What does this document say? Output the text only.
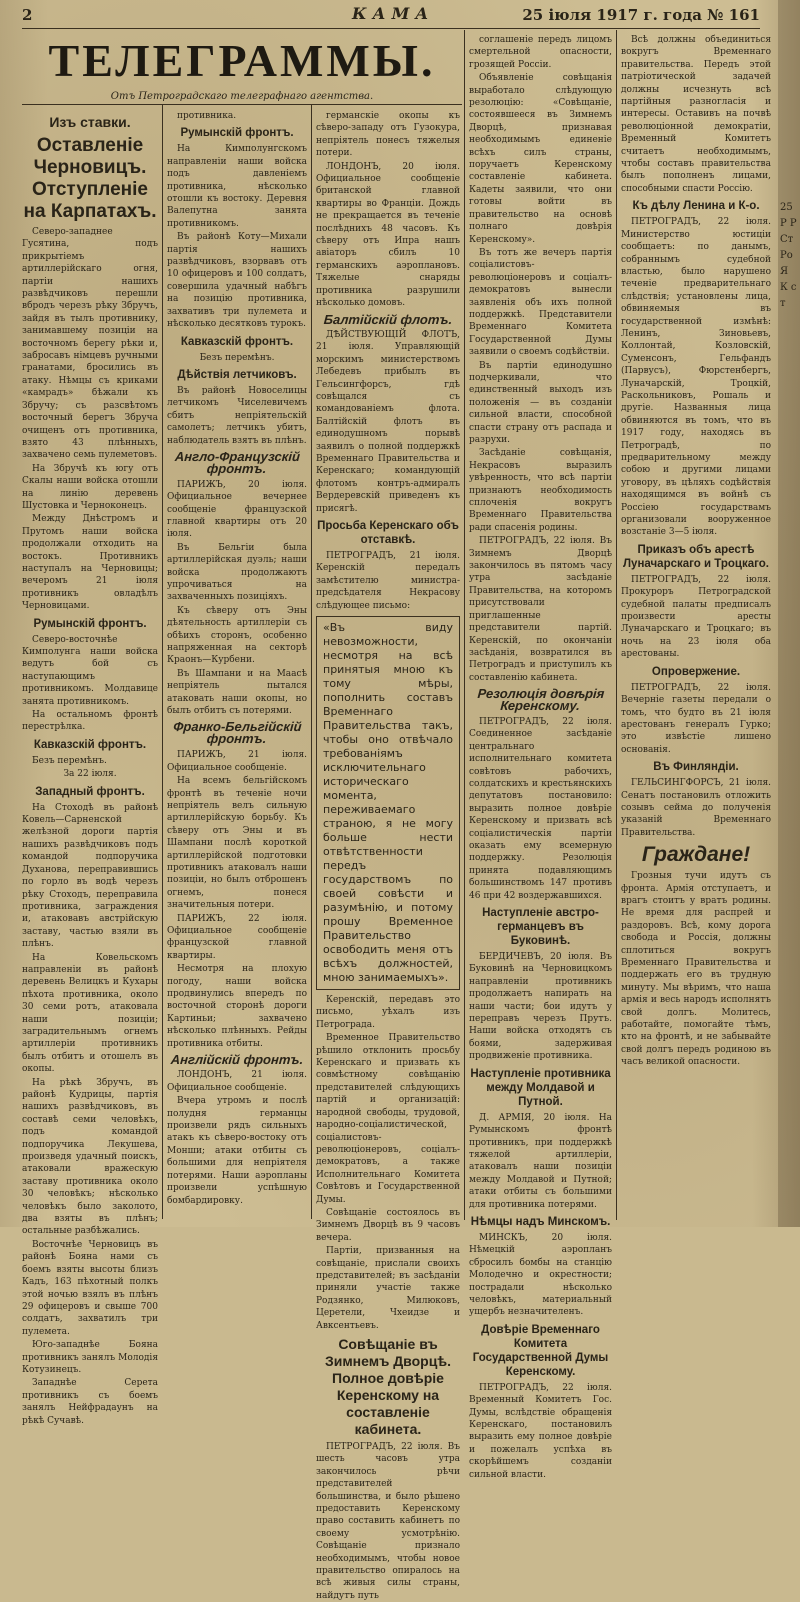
2	КАМА	25 іюля 1917 г. года № 161
ТЕЛЕГРАММЫ.
Отъ Петроградскаго телеграфнаго агентства.
Изъ ставки.
Оставленіе Черновицъ. Отступленіе на Карпатахъ.

Северо-западнее Гусятина, подъ прикрытіемъ артиллерійскаго огня, партіи нашихъ развѣдчиковъ перешли вбродъ черезъ рѣку Збручъ, зайдя въ тылъ противнику, занимавшему позиціи на восточномъ берегу рѣки и, забросавъ німцевъ ручными гранатами, бросились въ атаку. Нѣмцы съ криками «камрадъ» бѣжали къ Збручу; съ разсвѣтомъ восточный берегъ Збруча очищенъ отъ противника, взято 43 плѣнныхъ, захвачено семь пулеметовъ.

На Збручѣ къ югу отъ Скалы наши войска отошли на линію деревень Шустовка и Черноконецъ.

Между Днѣстромъ и Прутомъ наши войска продолжали отходить на востокъ. Противникъ наступалъ на Черновицы; вечеромъ 21 іюля противникъ овладѣлъ Черновицами.

Румынскій фронтъ.

Северо-восточнѣе Кимполунга наши войска ведутъ бой съ наступающимъ противникомъ. Молдавице занята противникомъ.

На остальномъ фронтѣ перестрѣлка.

Кавказскій фронтъ.

Безъ перемѣнъ.

За 22 іюля.

Западный фронтъ.

На Стоходѣ въ районѣ Ковель—Сарненской желѣзной дороги партія нашихъ развѣдчиковъ подъ командой подпоручика Духанова, переправившись по горло въ водѣ черезъ рѣку Стоходъ, переправила противника, заграждения и, атаковавъ австрійскую заставу, частью взяли въ плѣнъ.

На Ковельскомъ направленіи въ районѣ деревень Велицкъ и Кухары пѣхота противника, около 30 семи ротъ, атаковала наши позиціи; заградительнымъ огнемъ артиллеріи противникъ былъ отбитъ и отошелъ въ окопы.

На рѣкѣ Збручъ, въ районѣ Кудрицы, партія нашихъ развѣдчиковъ, въ составѣ семи человѣкъ, подъ командой подпоручика Лекушева, произведя удачный поискъ, атаковали вражескую заставу противника около 30 человѣкъ; нѣсколько человѣкъ было заколото, два взяты въ плѣнъ; остальные разбѣжались.

Восточнѣе Черновицъ въ районѣ Бояна нами съ боемъ взяты высоты близъ Кадъ, 163 пѣхотный полкъ этой ночью взялъ въ плѣнъ 29 офицеровъ и свыше 700 солдатъ, захватилъ три пулемета.

Юго-западнѣе Бояна противникъ занялъ Молодія Котузинецъ.

Западнѣе Серета противникъ съ боемъ занялъ Нейфрадаунъ на рѣкѣ Сучавѣ.

противника.

Румынскій фронтъ.

На Кимполунгскомъ направленіи наши войска подъ давленіемъ противника, нѣсколько отошли къ востоку. Деревня Валепутна занята противникомъ.

Въ районѣ Коту—Михали партія нашихъ развѣдчиковъ, взорвавъ отъ 10 офицеровъ и 100 солдатъ, совершила удачный набѣгъ на позицію противника, захвативъ три пулемета и нѣсколько десятковъ турокъ.

Кавказскій фронтъ.

Безъ перемѣнъ.

Дѣйствія летчиковъ.

Въ районѣ Новоселицы летчикомъ Чиселевичемъ сбитъ непріятельскій самолетъ; летчикъ убитъ, наблюдатель взятъ въ плѣнъ.

Англо-Французскій фронтъ.

ПАРИЖЪ, 20 іюля. Официальное вечернее сообщеніе французской главной квартиры отъ 20 іюля.

Въ Бельгіи была артиллерійская дуэль; наши войска продолжаютъ упрочиваться на захваченныхъ позиціяхъ.

Къ сѣверу отъ Эны дѣятельность артиллеріи съ обѣихъ сторонъ, особенно напряженная на секторѣ Краонъ—Курбени.

Въ Шампани и на Маасѣ непріятель пытался атаковать наши окопы, но былъ отбитъ съ потерями.

Франко-Бельгійскій фронтъ.

ПАРИЖЪ, 21 іюля. Официальное сообщеніе.

На всемъ бельгійскомъ фронтѣ въ теченіе ночи непріятель велъ сильную артиллерійскую борьбу. Къ сѣверу отъ Эны и въ Шампани послѣ короткой артиллерійской подготовки противникъ атаковалъ наши позиціи, но былъ отброшенъ огнемъ, понеся значительныя потери.

ПАРИЖЪ, 22 іюля. Официальное сообщеніе французской главной квартиры.

Несмотря на плохую погоду, наши войска продвинулись впередъ по восточной сторонѣ дороги Картиньи; захвачено нѣсколько плѣнныхъ. Рейды противника отбиты.

Англійскій фронтъ.

ЛОНДОНЪ, 21 іюля. Официальное сообщеніе.

Вчера утромъ и послѣ полудня германцы произвели рядъ сильныхъ атакъ къ сѣверо-востоку отъ Монши; атаки отбиты съ большими для непріятеля потерями. Наши аэропланы произвели успѣшную бомбардировку.

германскіе окопы къ сѣверо-западу отъ Гузокура, непріятель понесъ тяжелыя потери.

ЛОНДОНЪ, 20 іюля. Официальное сообщеніе британской главной квартиры во Франціи. Дождь не прекращается въ теченіе послѣднихъ 48 часовъ. Къ сѣверу отъ Ипра нашъ авіаторъ сбилъ 10 германскихъ аэроплановъ. Тяжелые снаряды противника разрушили нѣсколько домовъ.

Балтійскій флотъ.

ДѢЙСТВУЮЩІЙ ФЛОТЪ, 21 іюля. Управляющій морскимъ министерствомъ Лебедевъ прибылъ въ Гельсингфорсъ, гдѣ совѣщался съ командованіемъ флота. Балтійскій флотъ въ единодушномъ порывѣ заявилъ о полной поддержкѣ Временнаго Правительства и Керенскаго; командующій флотомъ контръ-адмиралъ Вердеревскій приведенъ къ присягѣ.

Просьба Керенскаго объ отставкѣ.

ПЕТРОГРАДЪ, 21 іюля. Керенскій передалъ замѣстителю министра-предсѣдателя Некрасову слѣдующее письмо:

«Въ виду невозможности, несмотря на всѣ принятыя мною къ тому мѣры, пополнить составъ Временнаго Правительства такъ, чтобы оно отвѣчало требованіямъ исключительнаго историческаго момента, переживаемаго страною, я не могу больше нести отвѣтственности передъ государствомъ по своей совѣсти и разумѣнію, и потому прошу Временное Правительство освободить меня отъ всѣхъ должностей, мною занимаемыхъ».

Керенскій, передавъ это письмо, уѣхалъ изъ Петрограда.

Временное Правительство рѣшило отклонить просьбу Керенскаго и призвать къ совмѣстному совѣщанію представителей слѣдующихъ партій и организацій: народной свободы, трудовой, народно-соціалистической, соціалистовъ-революціонеровъ, соціалъ-демократовъ, а также Исполнительнаго Комитета Совѣтовъ и Государственной Думы.

Совѣщаніе состоялось въ Зимнемъ Дворцѣ въ 9 часовъ вечера.

Партіи, призванныя на совѣщаніе, прислали своихъ представителей; въ засѣданіи приняли участіе также Родзянко, Милюковъ, Церетели, Чхеидзе и Авксентьевъ.

Совѣщаніе въ Зимнемъ Дворцѣ. Полное довѣріе Керенскому на составленіе кабинета.

ПЕТРОГРАДЪ, 22 іюля. Въ шесть часовъ утра закончилось рѣчи представителей большинства, и было рѣшено предоставить Керенскому право составить кабинетъ по своему усмотрѣнію. Совѣщаніе признало необходимымъ, чтобы новое правительство опиралось на всѣ живыя силы страны, найдутъ путь

соглашеніе передъ лицомъ смертельной опасности, грозящей Россіи.

Объявленіе совѣщанія выработало слѣдующую резолюцію: «Совѣщаніе, состоявшееся въ Зимнемъ Дворцѣ, признавая необходимымъ единеніе всѣхъ силъ страны, поручаетъ Керенскому составленіе кабинета. Кадеты заявили, что они готовы войти въ правительство на основѣ полнаго довѣрія Керенскому».

Въ тотъ же вечеръ партія соціалистовъ-революціонеровъ и соціалъ-демократовъ вынесли заявленія объ ихъ полной поддержкѣ. Представители Временнаго Комитета Государственной Думы заявили о своемъ содѣйствіи.

Въ партіи единодушно подчеркивали, что единственный выходъ изъ положенія — въ созданіи сильной власти, способной спасти страну отъ распада и разрухи.

Засѣданіе совѣщанія, Некрасовъ выразилъ увѣренность, что всѣ партіи признаютъ необходимость сплоченія вокругъ Временнаго Правительства ради спасенія родины.

ПЕТРОГРАДЪ, 22 іюля. Въ Зимнемъ Дворцѣ закончилось въ пятомъ часу утра засѣданіе Правительства, на которомъ присутствовали приглашенные представители партій. Керенскій, по окончаніи засѣданія, возвратился въ Петроградъ и приступилъ къ составленію кабинета.

Резолюція довѣрія Керенскому.

ПЕТРОГРАДЪ, 22 іюля. Соединенное засѣданіе центральнаго исполнительнаго комитета совѣтовъ рабочихъ, солдатскихъ и крестьянскихъ депутатовъ постановило: выразить полное довѣріе Керенскому и призвать всѣ соціалистическія партіи оказать ему всемерную поддержку. Резолюція принята подавляющимъ большинствомъ 147 противъ 46 при 42 воздержавшихся.

Наступленіе австро-германцевъ въ Буковинѣ.

БЕРДИЧЕВЪ, 20 іюля. Въ Буковинѣ на Черновицкомъ направленіи противникъ продолжаетъ напирать на наши части; бои идутъ у переправъ черезъ Прутъ. Наши войска отходятъ съ боями, задерживая продвиженіе противника.

Наступленіе противника между Молдавой и Путной.

Д. АРМІЯ, 20 іюля. На Румынскомъ фронтѣ противникъ, при поддержкѣ тяжелой артиллеріи, атаковалъ наши позиціи между Молдавой и Путной; атаки отбиты съ большими для противника потерями.

Нѣмцы надъ Минскомъ.

МИНСКЪ, 20 іюля. Нѣмецкій аэропланъ сбросилъ бомбы на станцію Молодечно и окрестности; пострадали нѣсколько человѣкъ, материальный ущербъ незначителенъ.

Довѣріе Временнаго Комитета Государственной Думы Керенскому.

ПЕТРОГРАДЪ, 22 іюля. Временный Комитетъ Гос. Думы, вслѣдствіе обращенія Керенскаго, постановилъ выразить ему полное довѣріе и пожелалъ успѣха въ скорѣйшемъ созданіи сильной власти.

Всѣ должны объединиться вокругъ Временнаго правительства. Передъ этой патріотической задачей должны исчезнуть всѣ партійныя разногласія и интересы. Оставивъ на почвѣ революціонной демократіи, Временный Комитетъ считаетъ необходимымъ, чтобы составъ правительства былъ пополненъ лицами, способными спасти Россію.

Къ дѣлу Ленина и К-о.

ПЕТРОГРАДЪ, 22 іюля. Министерство юстиціи сообщаетъ: по данымъ, собраннымъ судебной властью, было нарушено теченіе предварительнаго слѣдствія; установлены лица, обвиняемыя въ государственной измѣнѣ: Ленинъ, Зиновьевъ, Коллонтай, Козловскій, Суменсонъ, Гельфандъ (Парвусъ), Фюрстенбергъ, Луначарскій, Троцкій, Раскольниковъ, Рошаль и другіе. Названныя лица обвиняются въ томъ, что въ 1917 году, находясь въ Петроградѣ, по предварительному между собою и другими лицами уговору, въ цѣляхъ содѣйствія находящимся въ войнѣ съ Россіею государствамъ организовали вооруженное возстаніе 3—5 іюля.

Приказъ объ арестѣ Луначарскаго и Троцкаго.

ПЕТРОГРАДЪ, 22 іюля. Прокуроръ Петроградской судебной палаты предписалъ произвести аресты Луначарскаго и Троцкаго; въ ночь на 23 іюля оба арестованы.

Опровержение.

ПЕТРОГРАДЪ, 22 іюля. Вечерніе газеты передали о томъ, что будто въ 21 іюля арестованъ генералъ Гурко; это извѣстіе лишено основанія.

Въ Финляндіи.

ГЕЛЬСИНГФОРСЪ, 21 іюля. Сенатъ постановилъ отложить созывъ сейма до полученія указаній Временнаго Правительства.

Граждане!

Грозныя тучи идутъ съ фронта. Армія отступаетъ, и врагъ стоитъ у вратъ родины. Не время для распрей и раздоровъ. Всѣ, кому дорога свобода и Россія, должны сплотиться вокругъ Временнаго Правительства и поддержать его въ трудную минуту. Мы вѣримъ, что наша армія и весь народъ исполнятъ свой долгъ. Молитесь, работайте, помогайте тѣмъ, кто на фронтѣ, и не забывайте свой долгъ передъ родиною въ часъ великой опасности.

25 Р Р Ст Ро Я К ст
